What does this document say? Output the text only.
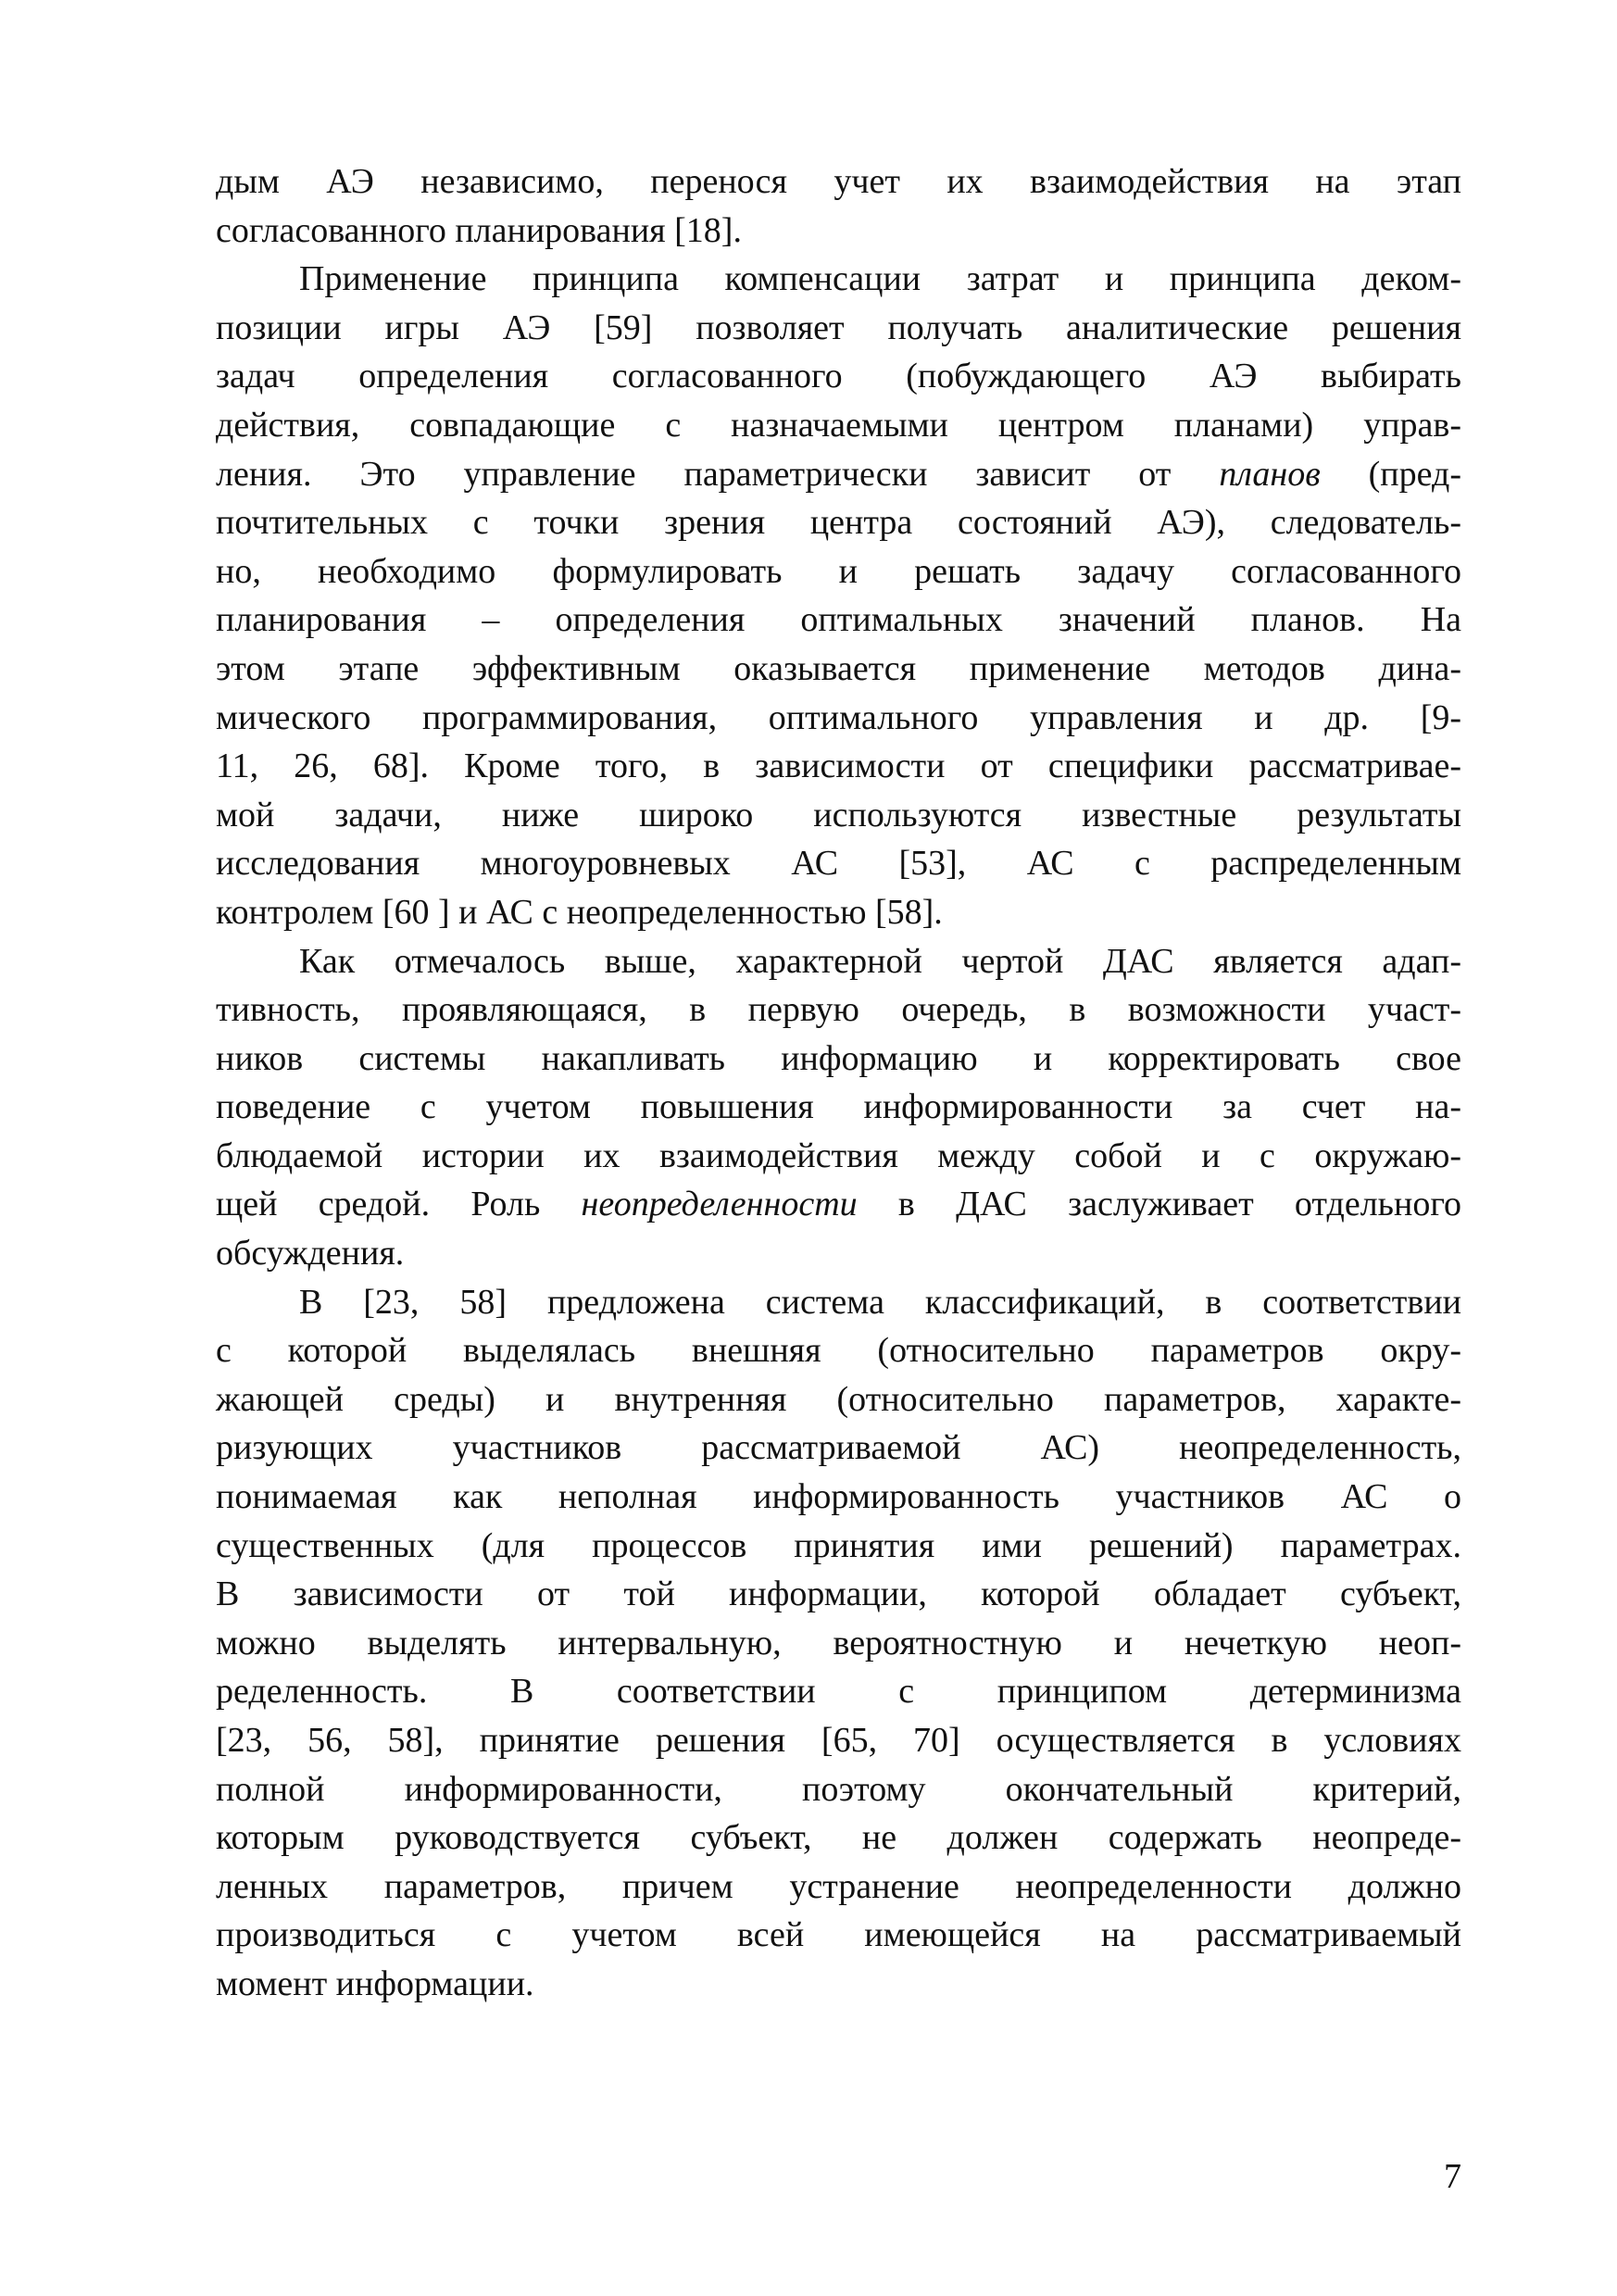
дым АЭ независимо, перенося учет их взаимодействия на этап
согласованного планирования [18].
Применение принципа компенсации затрат и принципа деком-
позиции игры АЭ [59] позволяет получать аналитические решения
задач определения согласованного (побуждающего АЭ выбирать
действия, совпадающие с назначаемыми центром планами) управ-
ления. Это управление параметрически зависит от планов (пред-
почтительных с точки зрения центра состояний АЭ), следователь-
но, необходимо формулировать и решать задачу согласованного
планирования – определения оптимальных значений планов. На
этом этапе эффективным оказывается применение методов дина-
мического программирования, оптимального управления и др. [9-
11, 26, 68]. Кроме того, в зависимости от специфики рассматривае-
мой задачи, ниже широко используются известные результаты
исследования многоуровневых АС [53], АС с распределенным
контролем [60 ] и АС с неопределенностью [58].
Как отмечалось выше, характерной чертой ДАС является адап-
тивность, проявляющаяся, в первую очередь, в возможности участ-
ников системы накапливать информацию и корректировать свое
поведение с учетом повышения информированности за счет на-
блюдаемой истории их взаимодействия между собой и с окружаю-
щей средой. Роль неопределенности в ДАС заслуживает отдельного
обсуждения.
В [23, 58] предложена система классификаций, в соответствии
с которой выделялась внешняя (относительно параметров окру-
жающей среды) и внутренняя (относительно параметров, характе-
ризующих участников рассматриваемой АС) неопределенность,
понимаемая как неполная информированность участников АС о
существенных (для процессов принятия ими решений) параметрах.
В зависимости от той информации, которой обладает субъект,
можно выделять интервальную, вероятностную и нечеткую неоп-
ределенность. В соответствии с принципом детерминизма
[23, 56, 58], принятие решения [65, 70] осуществляется в условиях
полной информированности, поэтому окончательный критерий,
которым руководствуется субъект, не должен содержать неопреде-
ленных параметров, причем устранение неопределенности должно
производиться с учетом всей имеющейся на рассматриваемый
момент информации.
7
